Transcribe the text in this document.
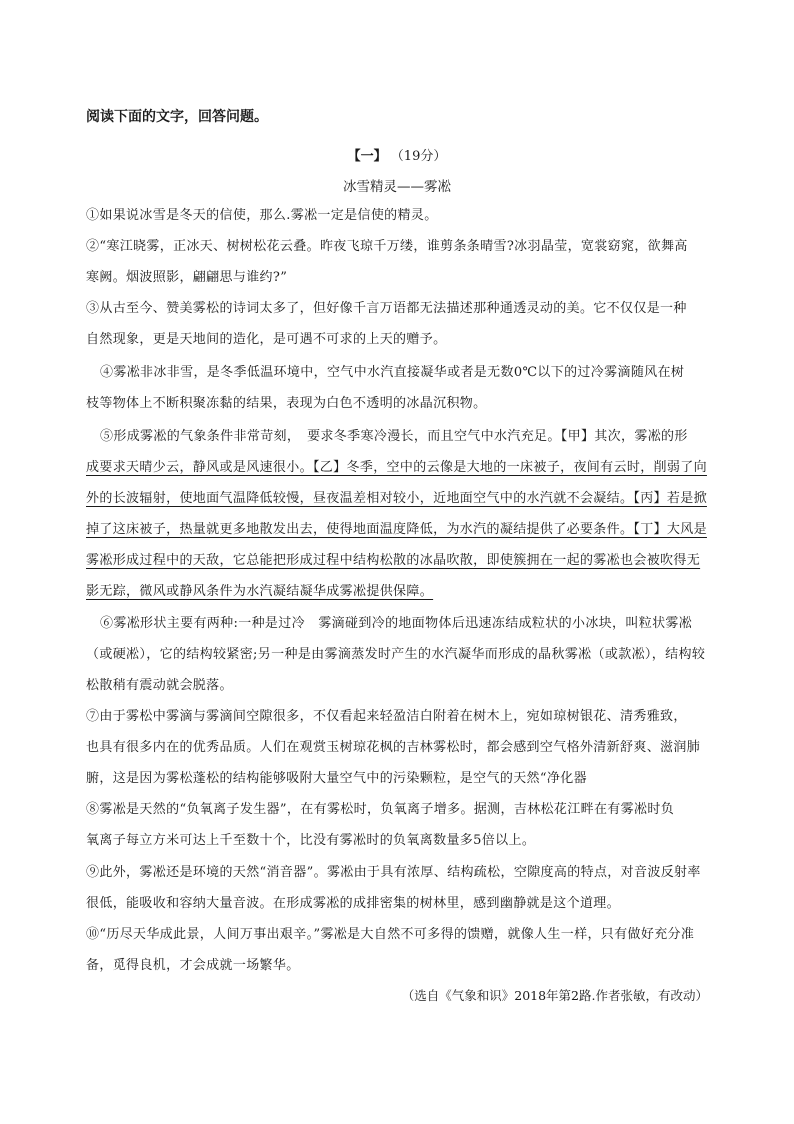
阅读下面的文字，回答问题。
【一】 （19分）
冰雪精灵——雾凇
①如果说冰雪是冬天的信使，那么.雾凇一定是信使的精灵。
②“寒江晓雾，正冰天、树树松花云叠。昨夜飞琼千万缕，谁剪条条晴雪?冰羽晶莹，宽裳窈窕，欲舞高
寒阙。烟波照影，翩翩思与谁约?”
③从古至今、赞美雾松的诗词太多了，但好像千言万语都无法描述那种通透灵动的美。它不仅仅是一种
自然现象，更是天地间的造化，是可遇不可求的上天的赠予。
④雾凇非冰非雪，是冬季低温环境中，空气中水汽直接凝华或者是无数0℃以下的过冷雾滴随风在树
枝等物体上不断积聚冻黏的结果，表现为白色不透明的冰晶沉积物。
⑤形成雾凇的气象条件非常苛刻，　要求冬季寒冷漫长，而且空气中水汽充足。【甲】其次，雾凇的形
成要求天晴少云，静风或是风速很小。【乙】冬季，空中的云像是大地的一床被子，夜间有云时，削弱了向
外的长波辐射，使地面气温降低较慢，昼夜温差相对较小，近地面空气中的水汽就不会凝结。【丙】若是掀
掉了这床被子，热量就更多地散发出去，使得地面温度降低，为水汽的凝结提供了必要条件。【丁】大风是
雾凇形成过程中的天敌，它总能把形成过程中结构松散的冰晶吹散，即使簇拥在一起的雾凇也会被吹得无
影无踪，微风或静风条件为水汽凝结凝华成雾凇提供保障。
⑥雾凇形状主要有两种:一种是过冷　雾滴碰到冷的地面物体后迅速冻结成粒状的小冰块，叫粒状雾凇
（或硬凇），它的结构较紧密;另一种是由雾滴蒸发时产生的水汽凝华而形成的晶秋雾凇（或款凇），结构较
松散稍有震动就会脱落。
⑦由于雾松中雾滴与雾滴间空隙很多，不仅看起来轻盈洁白附着在树木上，宛如琼树银花、清秀雅致，
也具有很多内在的优秀品质。人们在观赏玉树琼花枫的吉林雾松时，都会感到空气格外清新舒爽、滋润肺
腑，这是因为雾松蓬松的结构能够吸附大量空气中的污染颗粒，是空气的天然“净化器
⑧雾凇是天然的“负氧离子发生器”，在有雾松时，负氧离子增多。据测，吉林松花江畔在有雾凇时负
氧离子每立方米可达上千至数十个，比没有雾凇时的负氧离数量多5倍以上。
⑨此外，雾凇还是环境的天然“消音器”。雾凇由于具有浓厚、结构疏松，空隙度高的特点，对音波反射率
很低，能吸收和容纳大量音波。在形成雾凇的成排密集的树林里，感到幽静就是这个道理。
⑩“历尽天华成此景，人间万事出艰辛。”雾凇是大自然不可多得的馈赠，就像人生一样，只有做好充分准
备，觅得良机，才会成就一场繁华。
（选自《气象和识》2018年第2路.作者张敏，有改动）
